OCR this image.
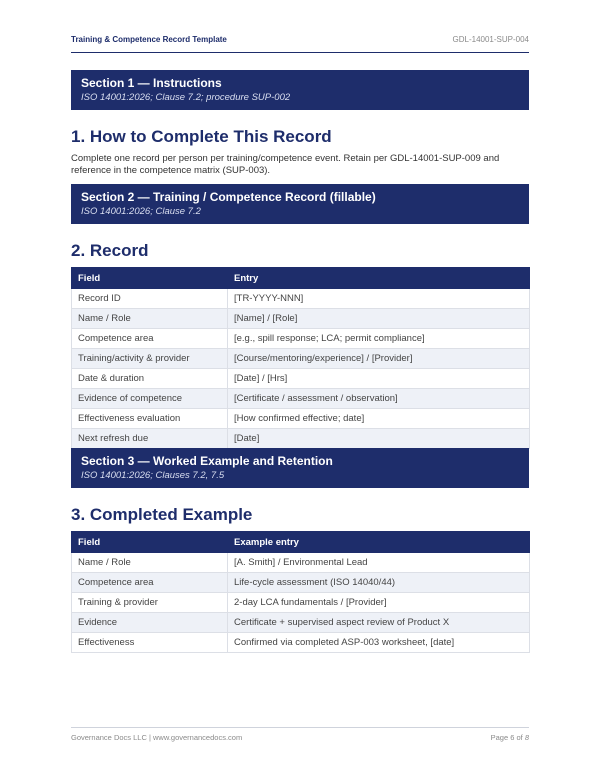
Training & Competence Record Template	GDL-14001-SUP-004
Section 1 — Instructions
ISO 14001:2026; Clause 7.2; procedure SUP-002
1. How to Complete This Record
Complete one record per person per training/competence event. Retain per GDL-14001-SUP-009 and reference in the competence matrix (SUP-003).
Section 2 — Training / Competence Record (fillable)
ISO 14001:2026; Clause 7.2
2. Record
Field	Entry
Record ID	[TR-YYYY-NNN]
Name / Role	[Name] / [Role]
Competence area	[e.g., spill response; LCA; permit compliance]
Training/activity & provider	[Course/mentoring/experience] / [Provider]
Date & duration	[Date] / [Hrs]
Evidence of competence	[Certificate / assessment / observation]
Effectiveness evaluation	[How confirmed effective; date]
Next refresh due	[Date]
Section 3 — Worked Example and Retention
ISO 14001:2026; Clauses 7.2, 7.5
3. Completed Example
Field	Example entry
Name / Role	[A. Smith] / Environmental Lead
Competence area	Life-cycle assessment (ISO 14040/44)
Training & provider	2-day LCA fundamentals / [Provider]
Evidence	Certificate + supervised aspect review of Product X
Effectiveness	Confirmed via completed ASP-003 worksheet, [date]
Governance Docs LLC | www.governancedocs.com	Page 6 of 8
